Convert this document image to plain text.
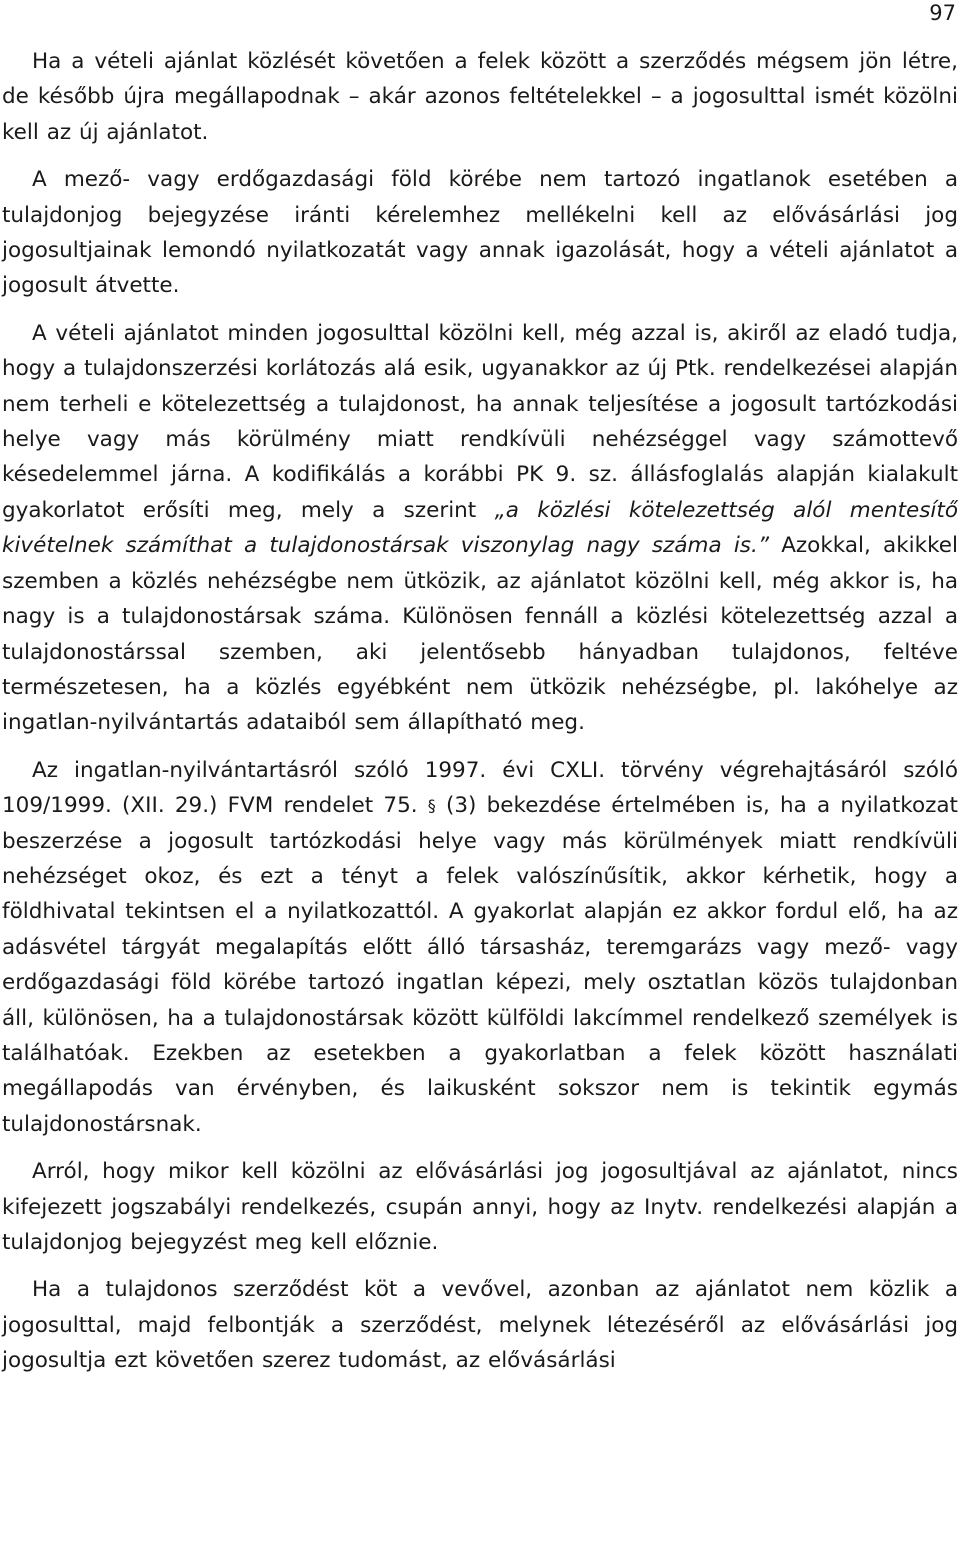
97

Ha a vételi ajánlat közlését követően a felek között a szerződés mégsem jön létre, de később újra megállapodnak – akár azonos feltételekkel – a jogosulttal ismét közölni kell az új ajánlatot.

A mező- vagy erdőgazdasági föld körébe nem tartozó ingatlanok esetében a tulajdonjog bejegyzése iránti kérelemhez mellékelni kell az elővásárlási jog jogosultjainak lemondó nyilatkozatát vagy annak igazolását, hogy a vételi ajánlatot a jogosult átvette.

A vételi ajánlatot minden jogosulttal közölni kell, még azzal is, akiről az eladó tudja, hogy a tulajdonszerzési korlátozás alá esik, ugyanakkor az új Ptk. rendelkezései alapján nem terheli e kötelezettség a tulajdonost, ha annak teljesítése a jogosult tartózkodási helye vagy más körülmény miatt rendkívüli nehézséggel vagy számottevő késedelemmel járna. A kodifikálás a korábbi PK 9. sz. állásfoglalás alapján kialakult gyakorlatot erősíti meg, mely a szerint „a közlési kötelezettség alól mentesítő kivételnek számíthat a tulajdonostársak viszonylag nagy száma is.” Azokkal, akikkel szemben a közlés nehézségbe nem ütközik, az ajánlatot közölni kell, még akkor is, ha nagy is a tulajdonostársak száma. Különösen fennáll a közlési kötelezettség azzal a tulajdonostárssal szemben, aki jelentősebb hányadban tulajdonos, feltéve természetesen, ha a közlés egyébként nem ütközik nehézségbe, pl. lakóhelye az ingatlan-nyilvántartás adataiból sem állapítható meg.

Az ingatlan-nyilvántartásról szóló 1997. évi CXLI. törvény végrehajtásáról szóló 109/1999. (XII. 29.) FVM rendelet 75. § (3) bekezdése értelmében is, ha a nyilatkozat beszerzése a jogosult tartózkodási helye vagy más körülmények miatt rendkívüli nehézséget okoz, és ezt a tényt a felek valószínűsítik, akkor kérhetik, hogy a földhivatal tekintsen el a nyilatkozattól. A gyakorlat alapján ez akkor fordul elő, ha az adásvétel tárgyát megalapítás előtt álló társasház, teremgarázs vagy mező- vagy erdőgazdasági föld körébe tartozó ingatlan képezi, mely osztatlan közös tulajdonban áll, különösen, ha a tulajdonostársak között külföldi lakcímmel rendelkező személyek is találhatóak. Ezekben az esetekben a gyakorlatban a felek között használati megállapodás van érvényben, és laikusként sokszor nem is tekintik egymás tulajdonostársnak.

Arról, hogy mikor kell közölni az elővásárlási jog jogosultjával az ajánlatot, nincs kifejezett jogszabályi rendelkezés, csupán annyi, hogy az Inytv. rendelkezési alapján a tulajdonjog bejegyzést meg kell előznie.

Ha a tulajdonos szerződést köt a vevővel, azonban az ajánlatot nem közlik a jogosulttal, majd felbontják a szerződést, melynek létezéséről az elővásárlási jog jogosultja ezt követően szerez tudomást, az elővásárlási
